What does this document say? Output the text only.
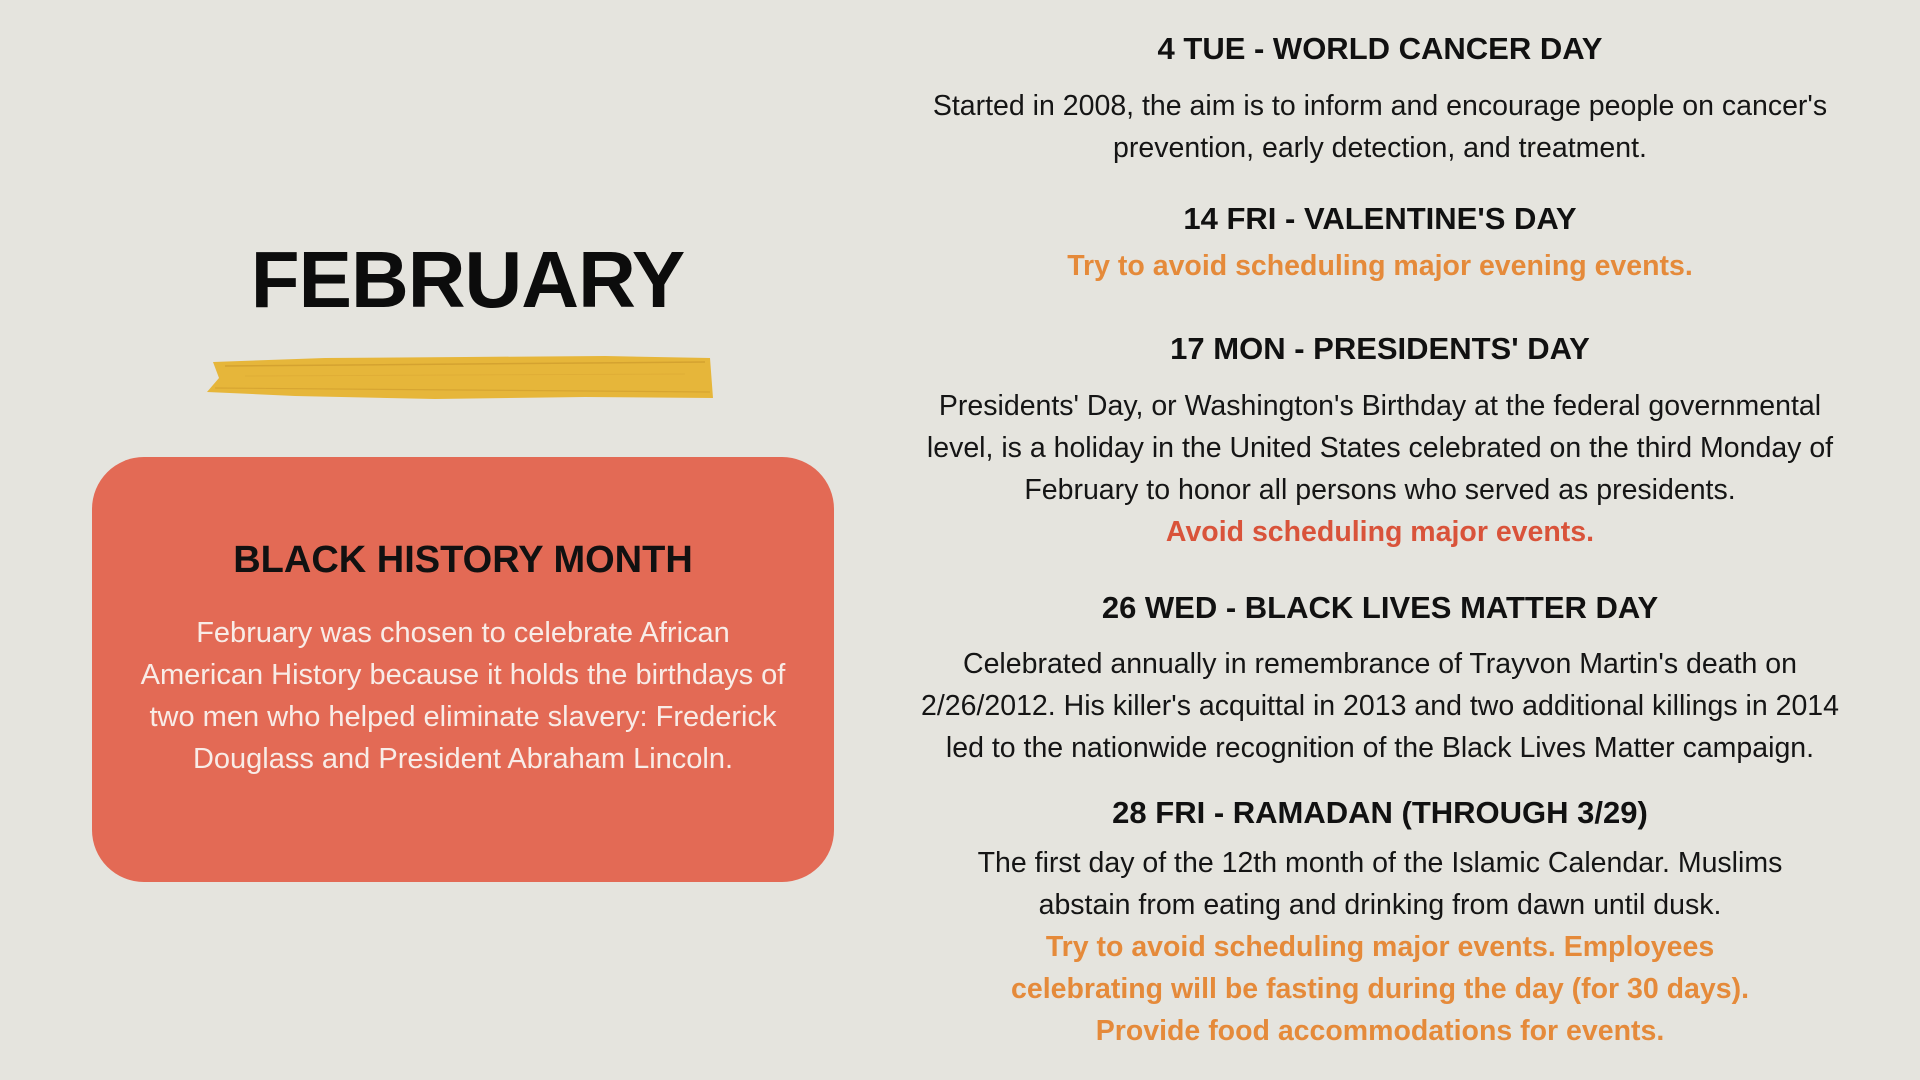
FEBRUARY
BLACK HISTORY MONTH

February was chosen to celebrate African
American History because it holds the birthdays of
two men who helped eliminate slavery: Frederick
Douglass and President Abraham Lincoln.

4 TUE - WORLD CANCER DAY

Started in 2008, the aim is to inform and encourage people on cancer's
prevention, early detection, and treatment.

14 FRI - VALENTINE'S DAY

Try to avoid scheduling major evening events.

17 MON - PRESIDENTS' DAY

Presidents' Day, or Washington's Birthday at the federal governmental
level, is a holiday in the United States celebrated on the third Monday of
February to honor all persons who served as presidents.
Avoid scheduling major events.

26 WED - BLACK LIVES MATTER DAY

Celebrated annually in remembrance of Trayvon Martin's death on
2/26/2012. His killer's acquittal in 2013 and two additional killings in 2014
led to the nationwide recognition of the Black Lives Matter campaign.

28 FRI - RAMADAN (THROUGH 3/29)

The first day of the 12th month of the Islamic Calendar. Muslims
abstain from eating and drinking from dawn until dusk.
Try to avoid scheduling major events. Employees
celebrating will be fasting during the day (for 30 days).
Provide food accommodations for events.
